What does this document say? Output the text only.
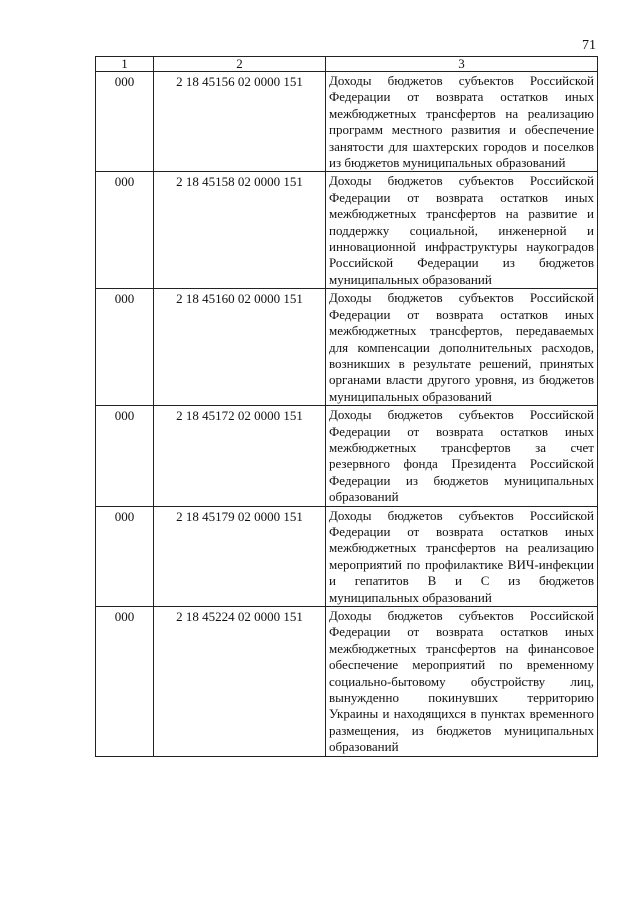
71
1	2	3
000	2 18 45156 02 0000 151	Доходы бюджетов субъектов Российской Федерации от возврата остатков иных межбюджетных трансфертов на реализацию программ местного развития и обеспечение занятости для шахтерских городов и поселков из бюджетов муниципальных образований
000	2 18 45158 02 0000 151	Доходы бюджетов субъектов Российской Федерации от возврата остатков иных межбюджетных трансфертов на развитие и поддержку социальной, инженерной и инновационной инфраструктуры наукоградов Российской Федерации из бюджетов муниципальных образований
000	2 18 45160 02 0000 151	Доходы бюджетов субъектов Российской Федерации от возврата остатков иных межбюджетных трансфертов, передаваемых для компенсации дополнительных расходов, возникших в результате решений, принятых органами власти другого уровня, из бюджетов муниципальных образований
000	2 18 45172 02 0000 151	Доходы бюджетов субъектов Российской Федерации от возврата остатков иных межбюджетных трансфертов за счет резервного фонда Президента Российской Федерации из бюджетов муниципальных образований
000	2 18 45179 02 0000 151	Доходы бюджетов субъектов Российской Федерации от возврата остатков иных межбюджетных трансфертов на реализацию мероприятий по профилактике ВИЧ-инфекции и гепатитов В и С из бюджетов муниципальных образований
000	2 18 45224 02 0000 151	Доходы бюджетов субъектов Российской Федерации от возврата остатков иных межбюджетных трансфертов на финансовое обеспечение мероприятий по временному социально-бытовому обустройству лиц, вынужденно покинувших территорию Украины и находящихся в пунктах временного размещения, из бюджетов муниципальных образований
